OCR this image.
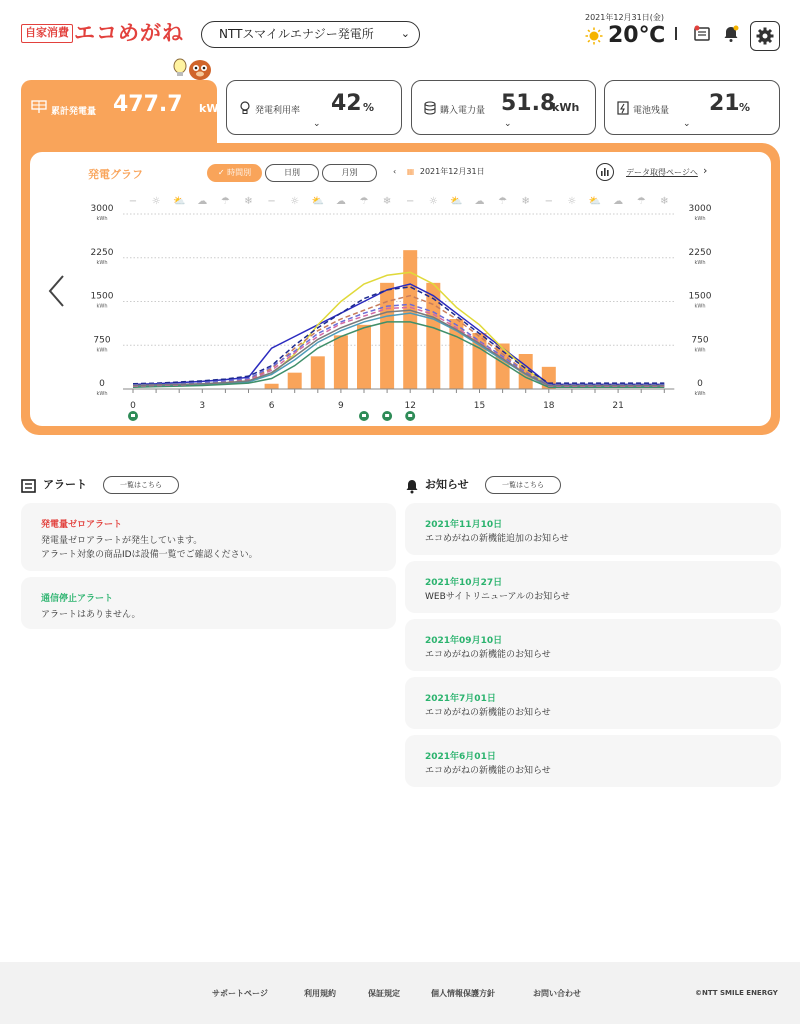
自家消費 エコめがね	NTTスマイルエナジー発電所 ⌄
2021年12月31日(金)
20℃
累計発電量 477.7 kWh	発電利用率 42 %
⌄
購入電力量 51.8
kWh
⌄
電池残量 21 %
⌄
発電グラフ	✓ 時間別	日別	月別	‹ ▦ 2021年12月31日	データ取得ページへ ›
− ☼ ⛅ ☁ ☂ ❄ − ☼ ⛅ ☁ ☂ ❄ − ☼ ⛅ ☁ ☂ ❄ − ☼ ⛅ ☁ ☂ ❄
3000
kWh
3000
kWh
2250
kWh
2250
kWh
1500
kWh
1500
kWh
750
kWh
750
kWh
0
kWh
0
kWh
0	3	6	9	12	15	18	21
アラート	一覧はこちら
発電量ゼロアラート
発電量ゼロアラートが発生しています。
アラート対象の商品IDは設備一覧でご確認ください。
通信停止アラート
アラートはありません。
お知らせ	一覧はこちら
2021年11月10日
エコめがねの新機能追加のお知らせ
2021年10月27日
WEBサイトリニューアルのお知らせ
2021年09月10日
エコめがねの新機能のお知らせ
2021年7月01日
エコめがねの新機能のお知らせ
2021年6月01日
エコめがねの新機能のお知らせ
サポートページ	利用規約	保証規定	個人情報保護方針	お問い合わせ	©NTT SMILE ENERGY
